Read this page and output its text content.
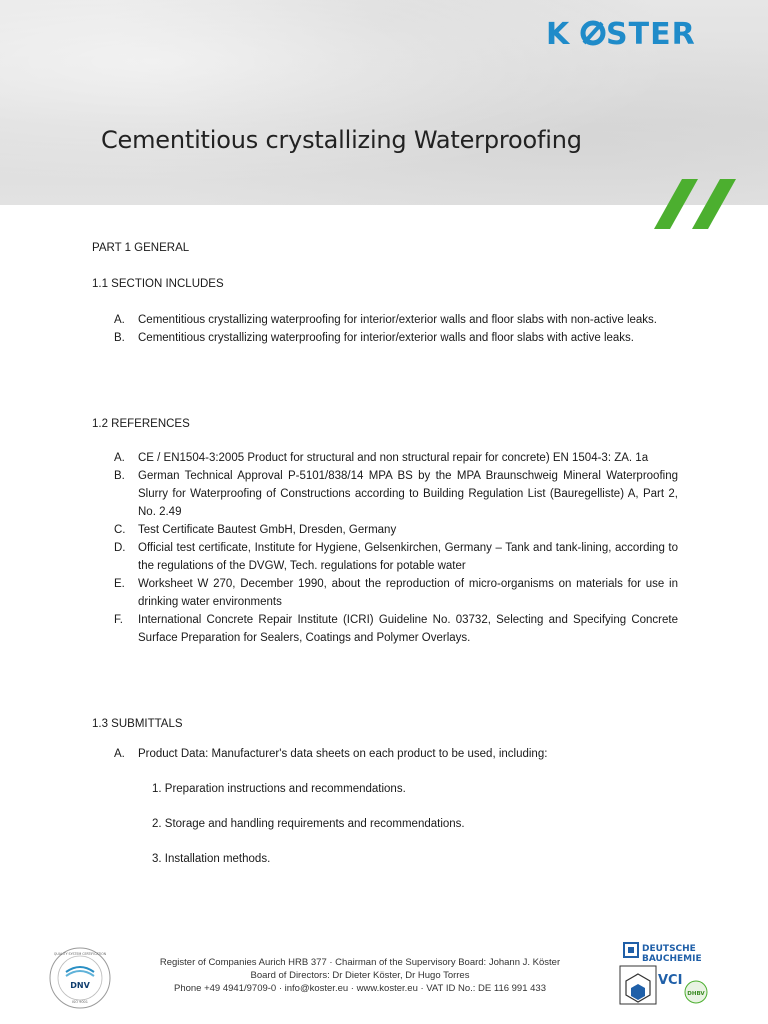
K STER
Cementitious crystallizing Waterproofing

PART 1 GENERAL

1.1 SECTION INCLUDES

A. Cementitious crystallizing waterproofing for interior/exterior walls and floor slabs with non-active leaks.
B. Cementitious crystallizing waterproofing for interior/exterior walls and floor slabs with active leaks.

1.2 REFERENCES

A. CE / EN1504-3:2005 Product for structural and non structural repair for concrete) EN 1504-3: ZA. 1a
B. German Technical Approval P-5101/838/14 MPA BS by the MPA Braunschweig Mineral Waterproofing Slurry for Waterproofing of Constructions according to Building Regulation List (Bauregelliste) A, Part 2, No. 2.49
C. Test Certificate Bautest GmbH, Dresden, Germany
D. Official test certificate, Institute for Hygiene, Gelsenkirchen, Germany – Tank and tank-lining, according to the regulations of the DVGW, Tech. regulations for potable water
E. Worksheet W 270, December 1990, about the reproduction of micro-organisms on materials for use in drinking water environments
F. International Concrete Repair Institute (ICRI) Guideline No. 03732, Selecting and Specifying Concrete Surface Preparation for Sealers, Coatings and Polymer Overlays.

1.3 SUBMITTALS

A. Product Data: Manufacturer's data sheets on each product to be used, including:

1. Preparation instructions and recommendations.

2. Storage and handling requirements and recommendations.

3. Installation methods.

DNV
ISO 9001
QUALITY SYSTEM CERTIFICATION
Register of Companies Aurich HRB 377 · Chairman of the Supervisory Board: Johann J. Köster
Board of Directors: Dr Dieter Köster, Dr Hugo Torres
Phone +49 4941/9709-0 · info@koster.eu · www.koster.eu · VAT ID No.: DE 116 991 433
DEUTSCHE
BAUCHEMIE
VCI
DHBV
